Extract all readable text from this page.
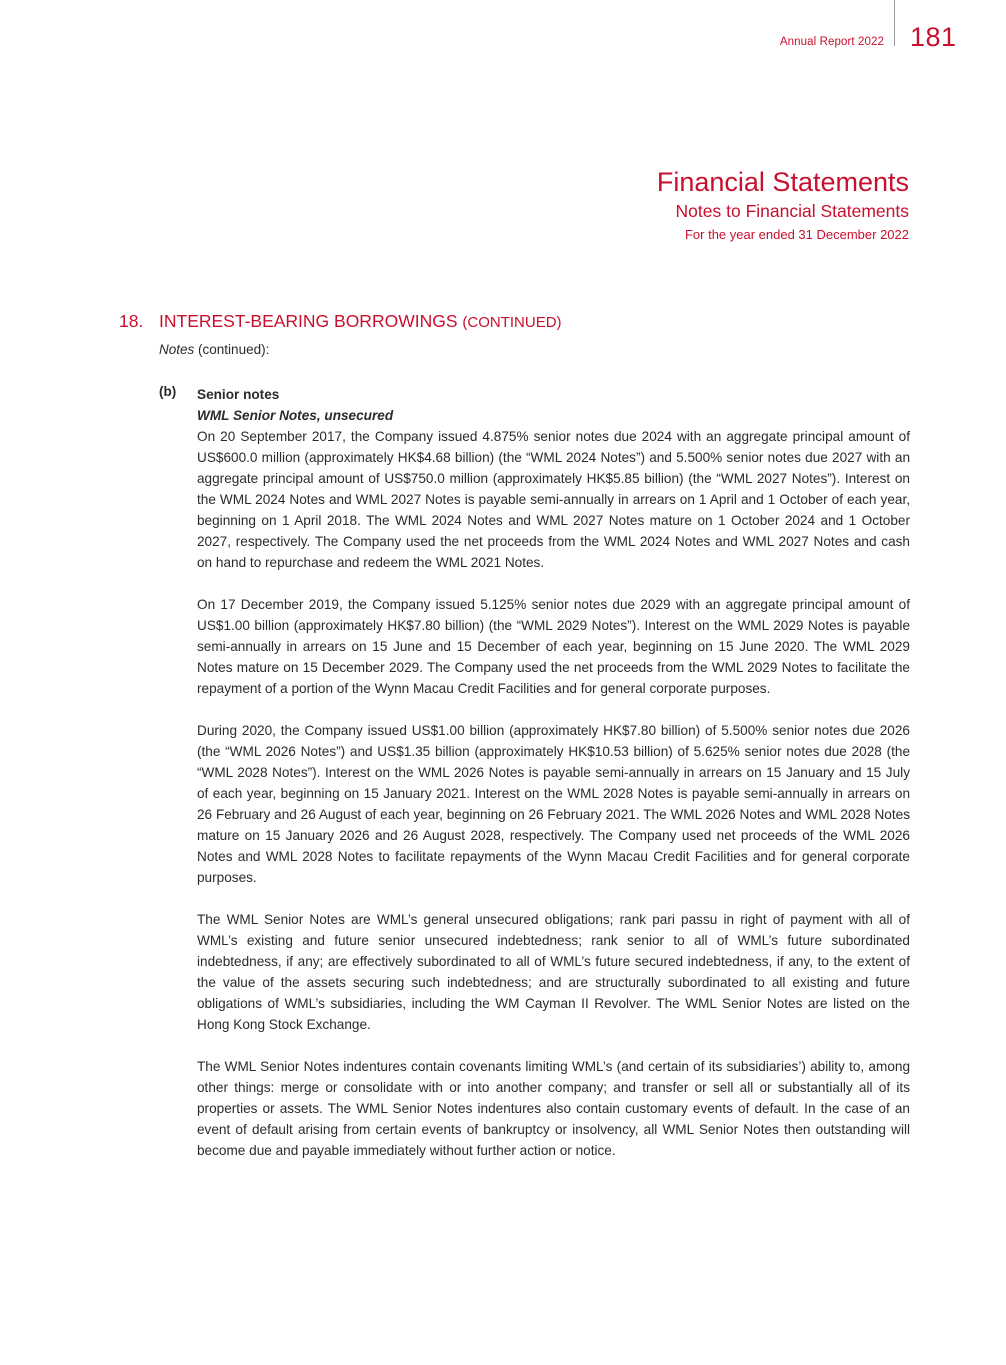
Annual Report 2022 181
Financial Statements
Notes to Financial Statements
For the year ended 31 December 2022
18. INTEREST-BEARING BORROWINGS (CONTINUED)
Notes (continued):
(b) Senior notes
WML Senior Notes, unsecured

On 20 September 2017, the Company issued 4.875% senior notes due 2024 with an aggregate principal amount of US$600.0 million (approximately HK$4.68 billion) (the “WML 2024 Notes”) and 5.500% senior notes due 2027 with an aggregate principal amount of US$750.0 million (approximately HK$5.85 billion) (the “WML 2027 Notes”). Interest on the WML 2024 Notes and WML 2027 Notes is payable semi-annually in arrears on 1 April and 1 October of each year, beginning on 1 April 2018. The WML 2024 Notes and WML 2027 Notes mature on 1 October 2024 and 1 October 2027, respectively. The Company used the net proceeds from the WML 2024 Notes and WML 2027 Notes and cash on hand to repurchase and redeem the WML 2021 Notes.

On 17 December 2019, the Company issued 5.125% senior notes due 2029 with an aggregate principal amount of US$1.00 billion (approximately HK$7.80 billion) (the “WML 2029 Notes”). Interest on the WML 2029 Notes is payable semi-annually in arrears on 15 June and 15 December of each year, beginning on 15 June 2020. The WML 2029 Notes mature on 15 December 2029. The Company used the net proceeds from the WML 2029 Notes to facilitate the repayment of a portion of the Wynn Macau Credit Facilities and for general corporate purposes.

During 2020, the Company issued US$1.00 billion (approximately HK$7.80 billion) of 5.500% senior notes due 2026 (the “WML 2026 Notes”) and US$1.35 billion (approximately HK$10.53 billion) of 5.625% senior notes due 2028 (the “WML 2028 Notes”). Interest on the WML 2026 Notes is payable semi-annually in arrears on 15 January and 15 July of each year, beginning on 15 January 2021. Interest on the WML 2028 Notes is payable semi-annually in arrears on 26 February and 26 August of each year, beginning on 26 February 2021. The WML 2026 Notes and WML 2028 Notes mature on 15 January 2026 and 26 August 2028, respectively. The Company used net proceeds of the WML 2026 Notes and WML 2028 Notes to facilitate repayments of the Wynn Macau Credit Facilities and for general corporate purposes.

The WML Senior Notes are WML’s general unsecured obligations; rank pari passu in right of payment with all of WML’s existing and future senior unsecured indebtedness; rank senior to all of WML’s future subordinated indebtedness, if any; are effectively subordinated to all of WML’s future secured indebtedness, if any, to the extent of the value of the assets securing such indebtedness; and are structurally subordinated to all existing and future obligations of WML’s subsidiaries, including the WM Cayman II Revolver. The WML Senior Notes are listed on the Hong Kong Stock Exchange.

The WML Senior Notes indentures contain covenants limiting WML’s (and certain of its subsidiaries’) ability to, among other things: merge or consolidate with or into another company; and transfer or sell all or substantially all of its properties or assets. The WML Senior Notes indentures also contain customary events of default. In the case of an event of default arising from certain events of bankruptcy or insolvency, all WML Senior Notes then outstanding will become due and payable immediately without further action or notice.
